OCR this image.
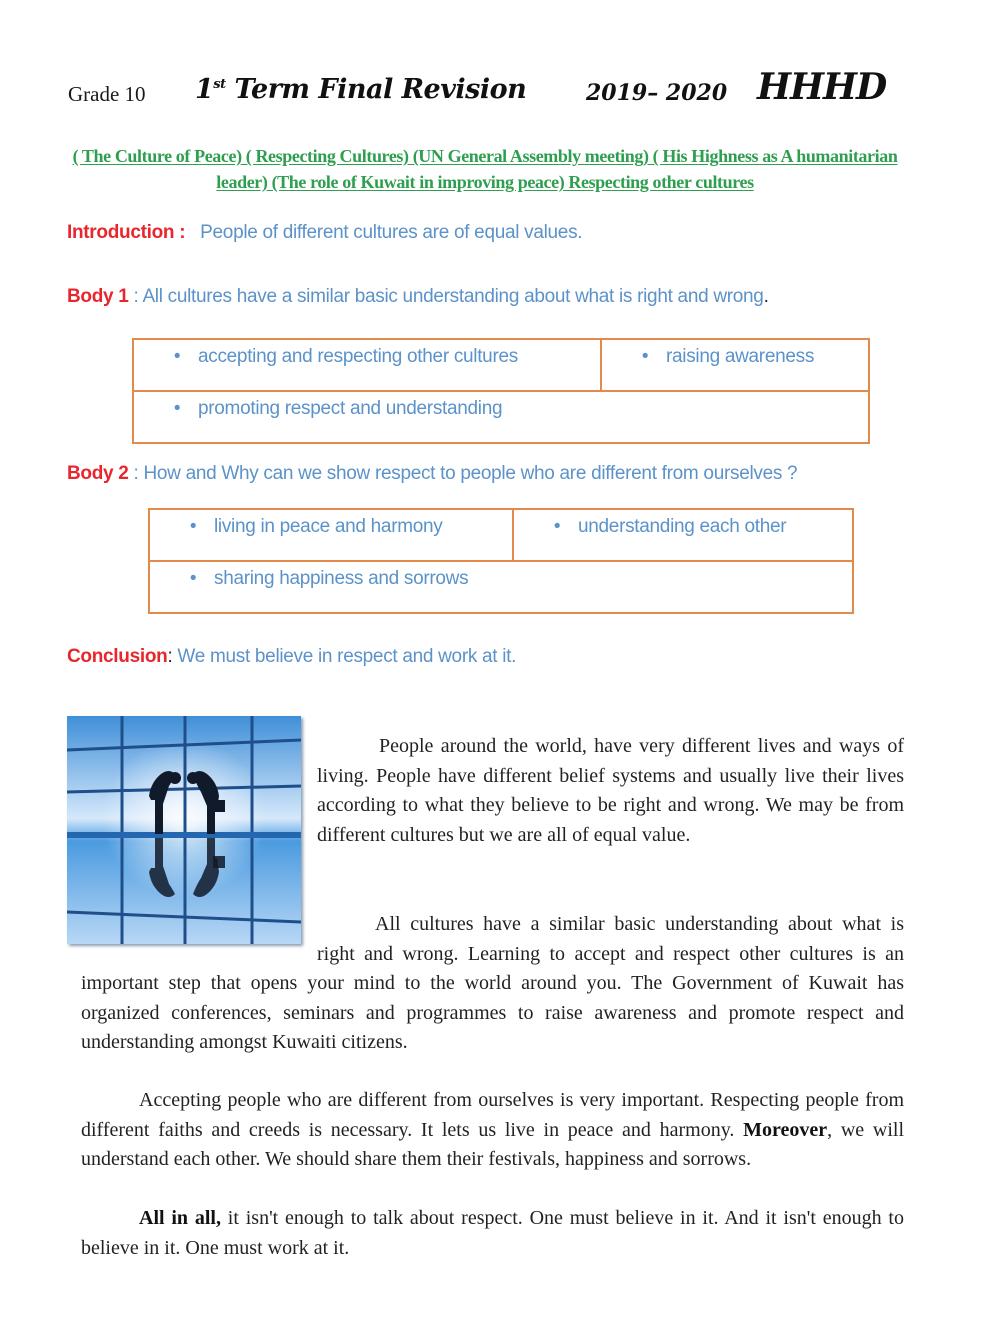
Grade 10 1st Term Final Revision	2019– 2020 HHHD
( The Culture of Peace) ( Respecting Cultures) (UN General Assembly meeting) ( His Highness as A humanitarian leader) (The role of Kuwait in improving peace) Respecting other cultures
Introduction : People of different cultures are of equal values.
Body 1 : All cultures have a similar basic understanding about what is right and wrong.
• accepting and respecting other cultures	• raising awareness
• promoting respect and understanding
Body 2 : How and Why can we show respect to people who are different from ourselves ?
• living in peace and harmony	• understanding each other
• sharing happiness and sorrows
Conclusion: We must believe in respect and work at it.

People around the world, have very different lives and ways of living. People have different belief systems and usually live their lives according to what they believe to be right and wrong. We may be from different cultures but we are all of equal value.

All cultures have a similar basic understanding about what is right and wrong. Learning to accept and respect other cultures is an important step that opens your mind to the world around you. The Government of Kuwait has organized conferences, seminars and programmes to raise awareness and promote respect and understanding amongst Kuwaiti citizens.

Accepting people who are different from ourselves is very important. Respecting people from different faiths and creeds is necessary. It lets us live in peace and harmony. Moreover, we will understand each other. We should share them their festivals, happiness and sorrows.

All in all, it isn't enough to talk about respect. One must believe in it. And it isn't enough to believe in it. One must work at it.
